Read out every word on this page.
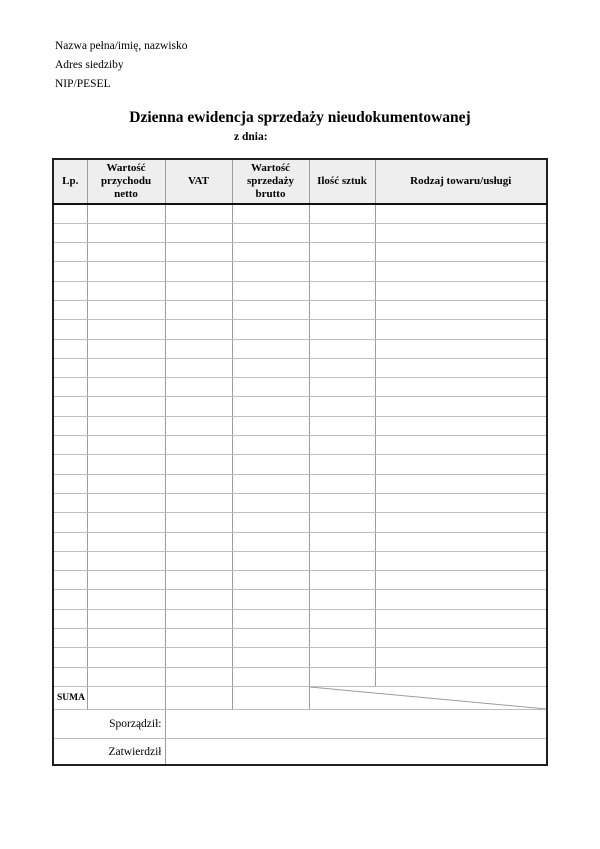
Nazwa pełna/imię, nazwisko
Adres siedziby
NIP/PESEL
Dzienna ewidencja sprzedaży nieudokumentowanej
z dnia:
Lp.	Wartość przychodu netto	VAT	Wartość sprzedaży brutto	Ilość sztuk	Rodzaj towaru/usługi

SUMA				

Sporządził:					
Zatwierdził					
